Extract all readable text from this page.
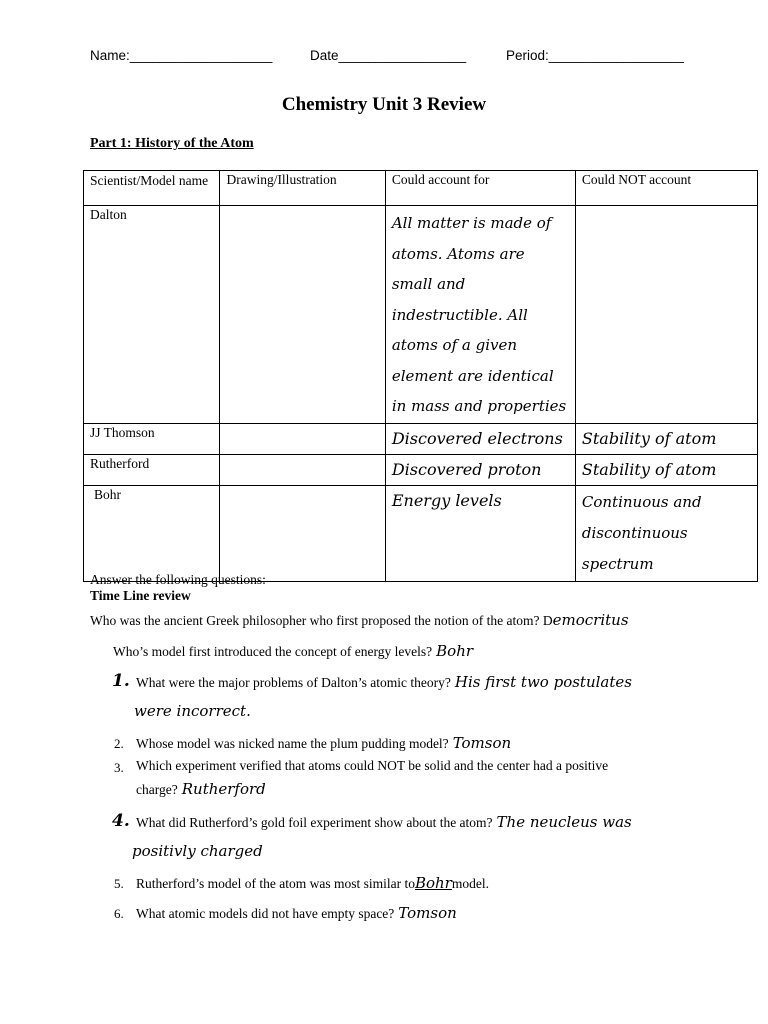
Name:___________________	Date_________________	Period:__________________
Chemistry Unit 3 Review
Part 1: History of the Atom
Scientist/Model name	Drawing/Illustration	Could account for	Could NOT account
Dalton		All matter is made of atoms. Atoms are small and indestructible. All atoms of a given element are identical in mass and properties	
JJ Thomson		Discovered electrons	Stability of atom
Rutherford		Discovered proton	Stability of atom
Bohr		Energy levels	Continuous and discontinuous spectrum
Answer the following questions:
Time Line review
Who was the ancient Greek philosopher who first proposed the notion of the atom? Democritus
Who’s model first introduced the concept of energy levels? Bohr
1. What were the major problems of Dalton’s atomic theory? His first two postulates
were incorrect.
2. Whose model was nicked name the plum pudding model? Tomson
3. Which experiment verified that atoms could NOT be solid and the center had a positive
charge? Rutherford
4. What did Rutherford’s gold foil experiment show about the atom? The neucleus was
positivly charged
5. Rutherford’s model of the atom was most similar toBohrmodel.
6. What atomic models did not have empty space? Tomson
